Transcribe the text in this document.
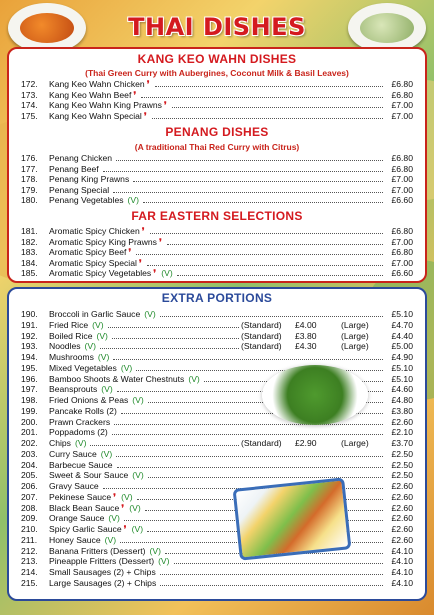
THAI DISHES
KANG KEO WAHN DISHES
(Thai Green Curry with Aubergines, Coconut Milk & Basil Leaves)
172.	Kang Keo Wahn Chicken ❜	£6.80
173.	Kang Keo Wahn Beef ❜	£6.80
174.	Kang Keo Wahn King Prawns ❜	£7.00
175.	Kang Keo Wahn Special ❜	£7.00
PENANG DISHES
(A traditional Thai Red Curry with Citrus)
176.	Penang Chicken	£6.80
177.	Penang Beef	£6.80
178.	Penang King Prawns	£7.00
179.	Penang Special	£7.00
180.	Penang Vegetables (V)	£6.60
FAR EASTERN SELECTIONS
181.	Aromatic Spicy Chicken ❜	£6.80
182.	Aromatic Spicy King Prawns ❜	£7.00
183.	Aromatic Spicy Beef ❜	£6.80
184.	Aromatic Spicy Special ❜	£7.00
185.	Aromatic Spicy Vegetables ❜ (V)	£6.60
EXTRA PORTIONS
190.	Broccoli in Garlic Sauce (V)	£5.10
191.	Fried Rice (V)	(Standard) £4.00	(Large)	£4.70
192.	Boiled Rice (V)	(Standard) £3.80	(Large)	£4.40
193.	Noodles (V)	(Standard) £4.30	(Large)	£5.00
194.	Mushrooms (V)	£4.90
195.	Mixed Vegetables (V)	£5.10
196.	Bamboo Shoots & Water Chestnuts (V)	£5.10
197.	Beansprouts (V)	£4.60
198.	Fried Onions & Peas (V)	£4.80
199.	Pancake Rolls (2)	£3.80
200.	Prawn Crackers	£2.60
201.	Poppadoms (2)	£2.10
202.	Chips (V)	(Standard) £2.90	(Large)	£3.70
203.	Curry Sauce (V)	£2.50
204.	Barbecue Sauce	£2.50
205.	Sweet & Sour Sauce (V)	£2.50
206.	Gravy Sauce	£2.60
207.	Pekinese Sauce ❜ (V)	£2.60
208.	Black Bean Sauce ❜ (V)	£2.60
209.	Orange Sauce (V)	£2.60
210.	Spicy Garlic Sauce ❜ (V)	£2.60
211.	Honey Sauce (V)	£2.60
212.	Banana Fritters (Dessert) (V)	£4.10
213.	Pineapple Fritters (Dessert) (V)	£4.10
214.	Small Sausages (2) + Chips	£4.10
215.	Large Sausages (2) + Chips	£4.10
